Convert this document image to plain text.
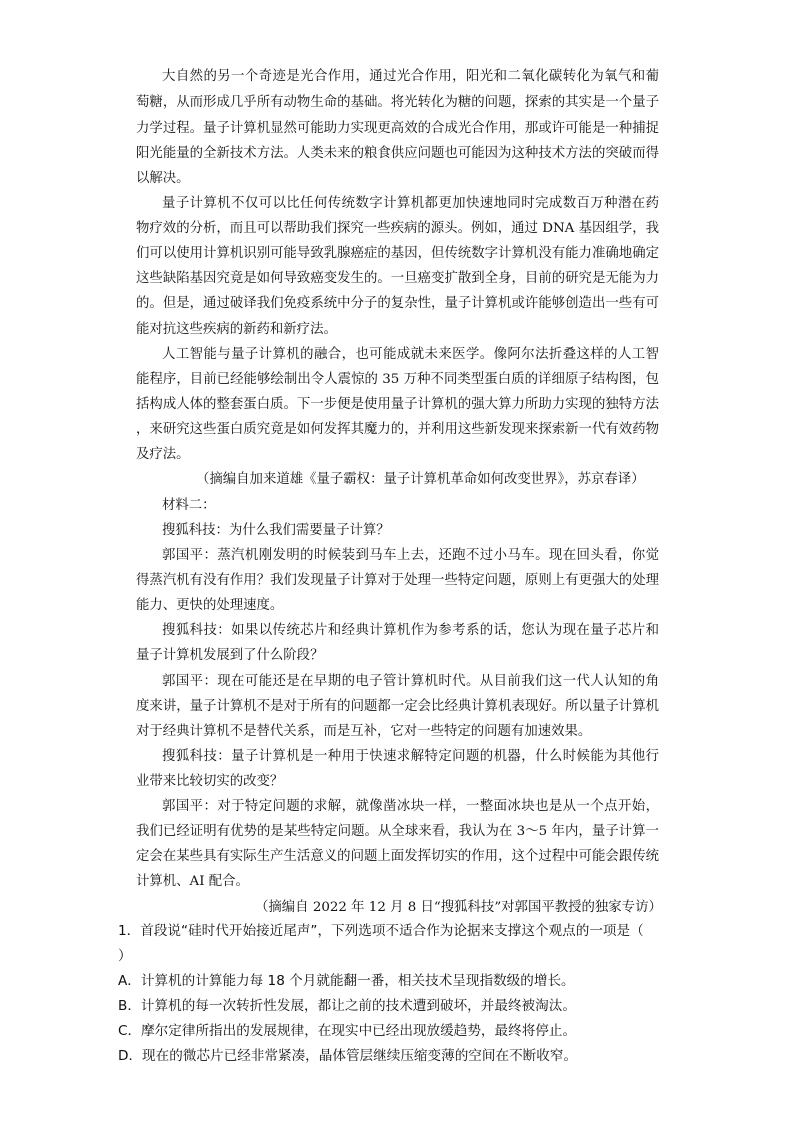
大自然的另一个奇迹是光合作用，通过光合作用，阳光和二氧化碳转化为氧气和葡
萄糖，从而形成几乎所有动物生命的基础。将光转化为糖的问题，探索的其实是一个量子
力学过程。量子计算机显然可能助力实现更高效的合成光合作用，那或许可能是一种捕捉
阳光能量的全新技术方法。人类未来的粮食供应问题也可能因为这种技术方法的突破而得
以解决。
量子计算机不仅可以比任何传统数字计算机都更加快速地同时完成数百万种潜在药
物疗效的分析，而且可以帮助我们探究一些疾病的源头。例如，通过 DNA 基因组学，我
们可以使用计算机识别可能导致乳腺癌症的基因，但传统数字计算机没有能力准确地确定
这些缺陷基因究竟是如何导致癌变发生的。一旦癌变扩散到全身，目前的研究是无能为力
的。但是，通过破译我们免疫系统中分子的复杂性，量子计算机或许能够创造出一些有可
能对抗这些疾病的新药和新疗法。
人工智能与量子计算机的融合，也可能成就未来医学。像阿尔法折叠这样的人工智
能程序，目前已经能够绘制出令人震惊的 35 万种不同类型蛋白质的详细原子结构图，包
括构成人体的整套蛋白质。下一步便是使用量子计算机的强大算力所助力实现的独特方法
，来研究这些蛋白质究竟是如何发挥其魔力的，并利用这些新发现来探索新一代有效药物
及疗法。
（摘编自加来道雄《量子霸权：量子计算机革命如何改变世界》，苏京春译）
材料二：
搜狐科技：为什么我们需要量子计算？
郭国平：蒸汽机刚发明的时候装到马车上去，还跑不过小马车。现在回头看，你觉
得蒸汽机有没有作用？我们发现量子计算对于处理一些特定问题，原则上有更强大的处理
能力、更快的处理速度。
搜狐科技：如果以传统芯片和经典计算机作为参考系的话，您认为现在量子芯片和
量子计算机发展到了什么阶段？
郭国平：现在可能还是在早期的电子管计算机时代。从目前我们这一代人认知的角
度来讲，量子计算机不是对于所有的问题都一定会比经典计算机表现好。所以量子计算机
对于经典计算机不是替代关系，而是互补，它对一些特定的问题有加速效果。
搜狐科技：量子计算机是一种用于快速求解特定问题的机器，什么时候能为其他行
业带来比较切实的改变？
郭国平：对于特定问题的求解，就像凿冰块一样，一整面冰块也是从一个点开始，
我们已经证明有优势的是某些特定问题。从全球来看，我认为在 3～5 年内，量子计算一
定会在某些具有实际生产生活意义的问题上面发挥切实的作用，这个过程中可能会跟传统
计算机、AI 配合。
（摘编自 2022 年 12 月 8 日“搜狐科技”对郭国平教授的独家专访）
1．首段说“硅时代开始接近尾声”，下列选项不适合作为论据来支撑这个观点的一项是（
）
A．计算机的计算能力每 18 个月就能翻一番，相关技术呈现指数级的增长。
B．计算机的每一次转折性发展，都让之前的技术遭到破坏，并最终被淘汰。
C．摩尔定律所指出的发展规律，在现实中已经出现放缓趋势，最终将停止。
D．现在的微芯片已经非常紧凑，晶体管层继续压缩变薄的空间在不断收窄。
